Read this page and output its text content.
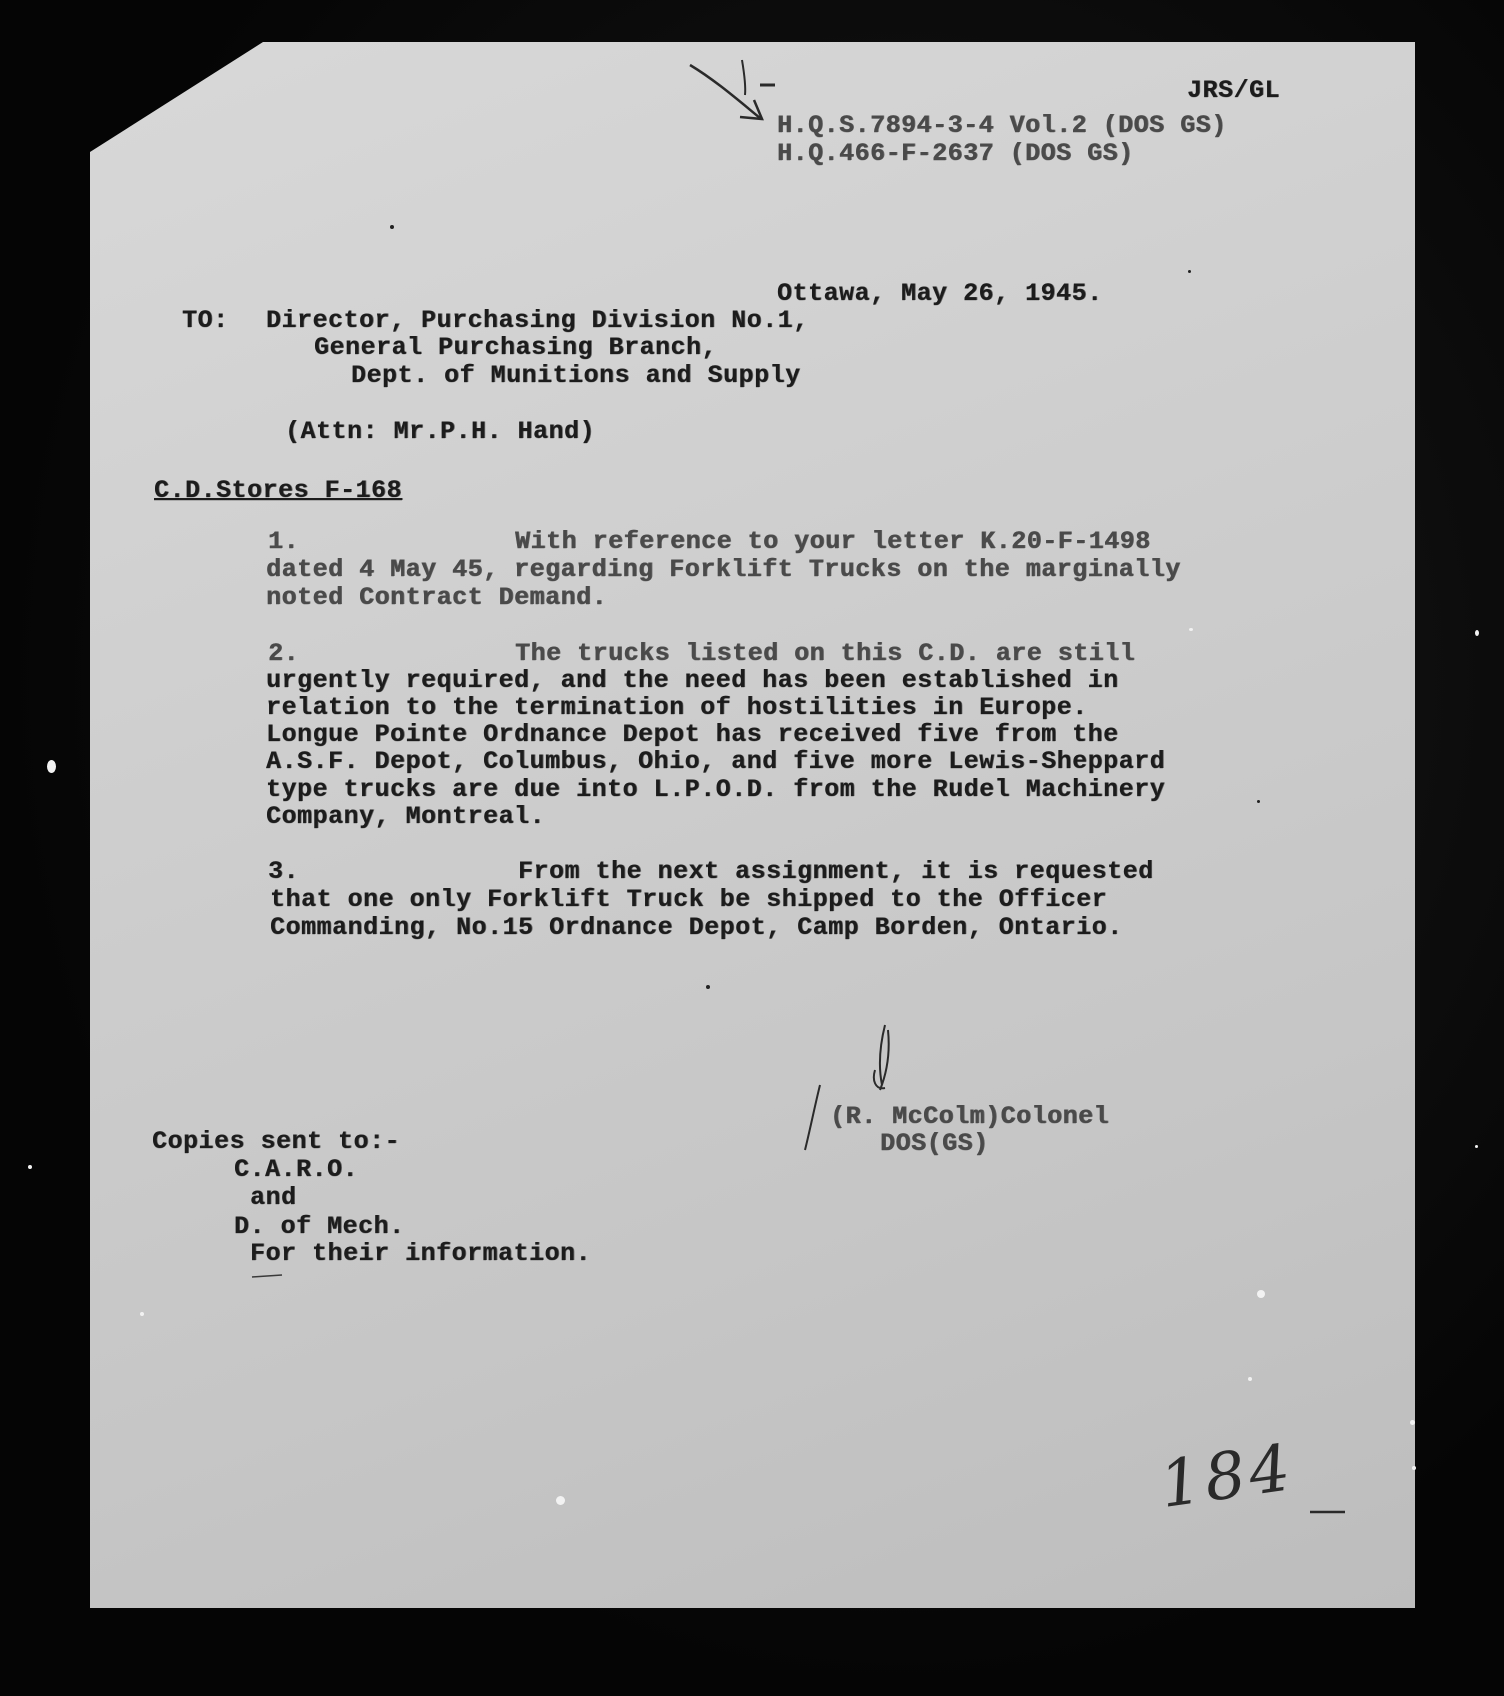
JRS/GL
H.Q.S.7894-3-4 Vol.2 (DOS GS)
H.Q.466-F-2637 (DOS GS)
Ottawa, May 26, 1945.
TO: Director, Purchasing Division No.1,
General Purchasing Branch,
Dept. of Munitions and Supply
(Attn: Mr.P.H. Hand)
C.D.Stores F-168
1.	With reference to your letter K.20-F-1498
dated 4 May 45, regarding Forklift Trucks on the marginally
noted Contract Demand.
2.	The trucks listed on this C.D. are still
urgently required, and the need has been established in
relation to the termination of hostilities in Europe.
Longue Pointe Ordnance Depot has received five from the
A.S.F. Depot, Columbus, Ohio, and five more Lewis-Sheppard
type trucks are due into L.P.O.D. from the Rudel Machinery
Company, Montreal.
3.	From the next assignment, it is requested
that one only Forklift Truck be shipped to the Officer
Commanding, No.15 Ordnance Depot, Camp Borden, Ontario.
(R. McColm)Colonel
DOS(GS)
Copies sent to:-
C.A.R.O.
and
D. of Mech.
For their information.
184
